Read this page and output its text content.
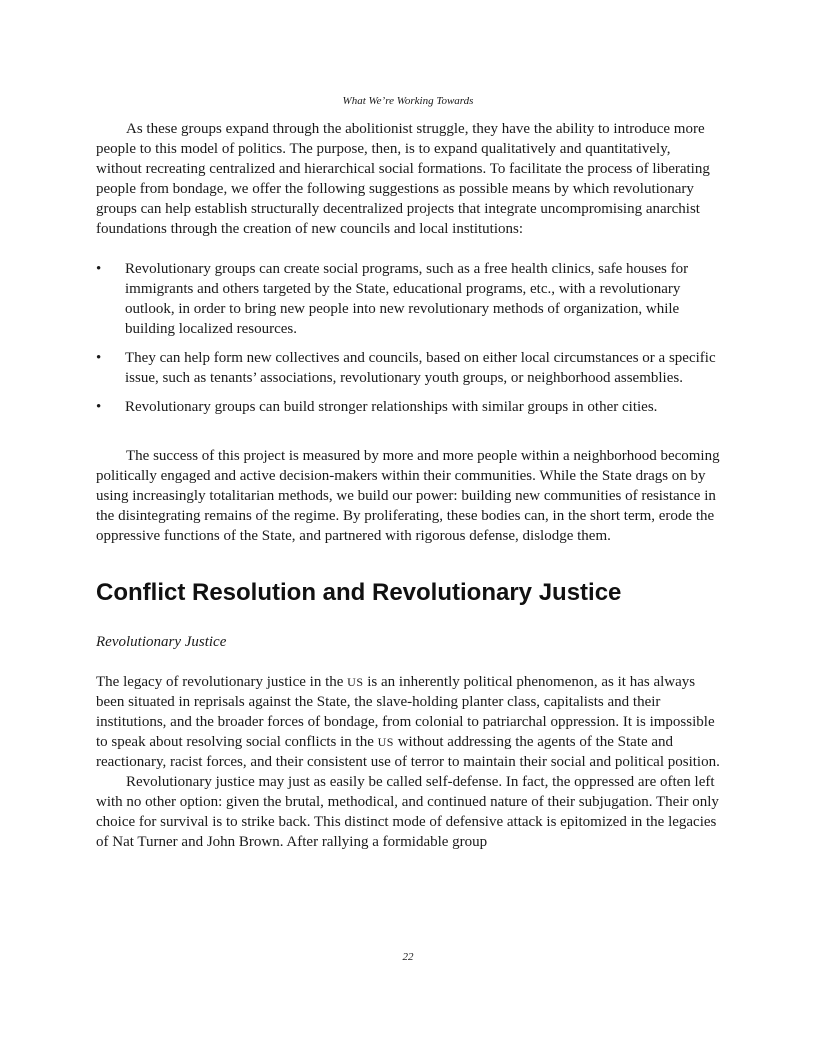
What We’re Working Towards

As these groups expand through the abolitionist struggle, they have the ability to introduce more people to this model of politics. The purpose, then, is to expand qualitatively and quantitatively, without recreating centralized and hierarchical social formations. To facilitate the process of liberating people from bondage, we offer the following suggestions as possible means by which revolutionary groups can help establish structurally decentralized projects that integrate uncompromising anarchist foundations through the creation of new councils and local institutions:

• Revolutionary groups can create social programs, such as a free health clinics, safe houses for immigrants and others targeted by the State, educational programs, etc., with a revolutionary outlook, in order to bring new people into new revolutionary methods of organization, while building localized resources.
• They can help form new collectives and councils, based on either local circumstances or a specific issue, such as tenants’ associations, revolutionary youth groups, or neighborhood assemblies.
• Revolutionary groups can build stronger relationships with similar groups in other cities.

The success of this project is measured by more and more people within a neighborhood becoming politically engaged and active decision-makers within their communities. While the State drags on by using increasingly totalitarian methods, we build our power: building new communities of resistance in the disintegrating remains of the regime. By proliferating, these bodies can, in the short term, erode the oppressive functions of the State, and partnered with rigorous defense, dislodge them.

Conflict Resolution and Revolutionary Justice
Revolutionary Justice

The legacy of revolutionary justice in the US is an inherently political phenomenon, as it has always been situated in reprisals against the State, the slave-holding planter class, capitalists and their institutions, and the broader forces of bondage, from colonial to patriarchal oppression. It is impossible to speak about resolving social conflicts in the US without addressing the agents of the State and reactionary, racist forces, and their consistent use of terror to maintain their social and political position.

Revolutionary justice may just as easily be called self-defense. In fact, the oppressed are often left with no other option: given the brutal, methodical, and continued nature of their subjugation. Their only choice for survival is to strike back. This distinct mode of defensive attack is epitomized in the legacies of Nat Turner and John Brown. After rallying a formidable group

22
